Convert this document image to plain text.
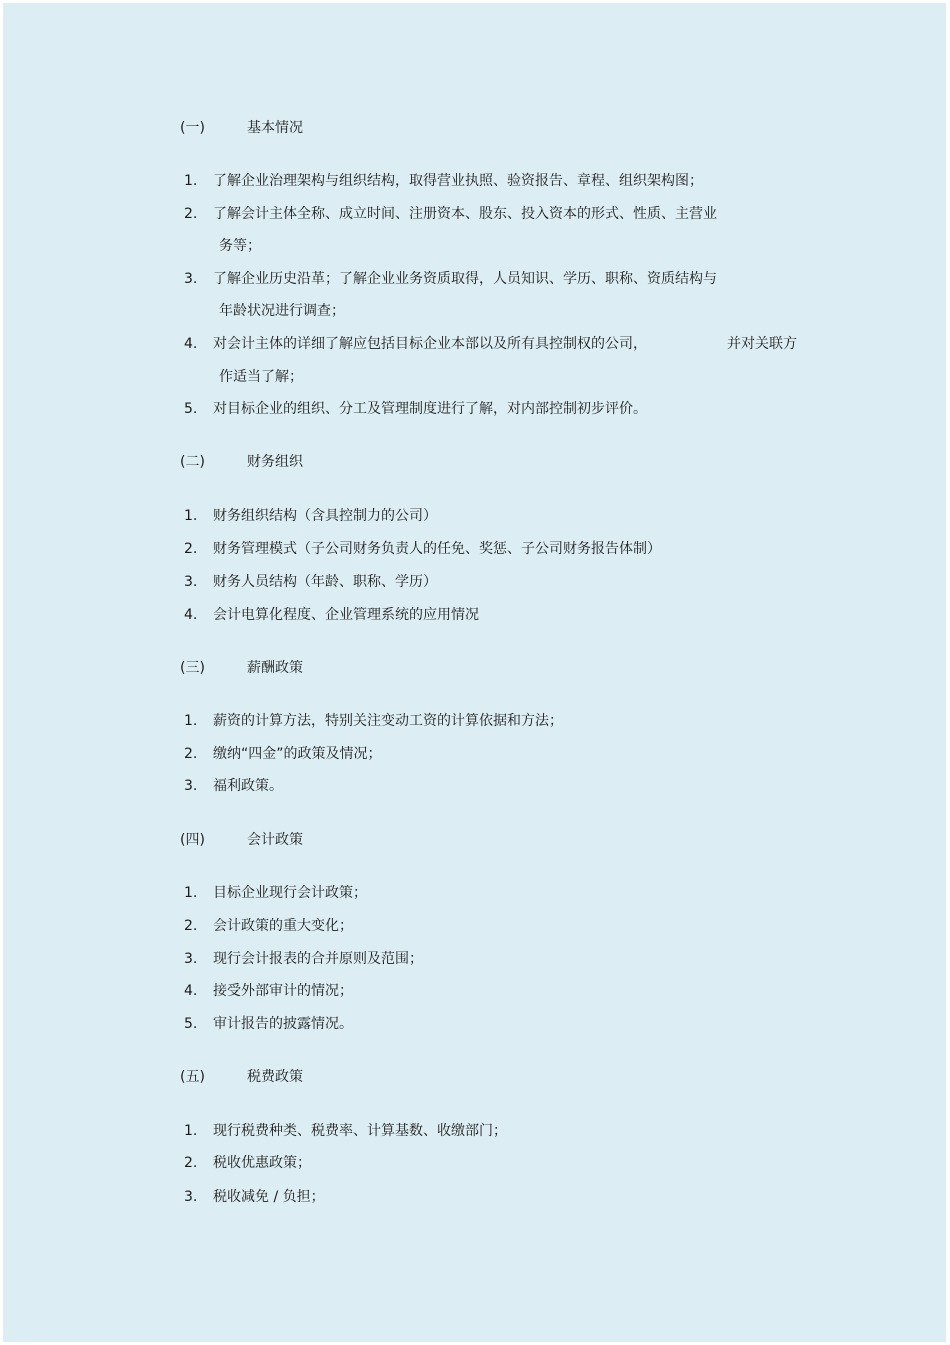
(一)	基本情况
1. 了解企业治理架构与组织结构，取得营业执照、验资报告、章程、组织架构图；
2. 了解会计主体全称、成立时间、注册资本、股东、投入资本的形式、性质、主营业
务等；
3. 了解企业历史沿革；了解企业业务资质取得，人员知识、学历、职称、资质结构与
年龄状况进行调查；
4. 对会计主体的详细了解应包括目标企业本部以及所有具控制权的公司，	并对关联方
作适当了解；
5. 对目标企业的组织、分工及管理制度进行了解，对内部控制初步评价。
(二)	财务组织
1. 财务组织结构（含具控制力的公司）
2. 财务管理模式（子公司财务负责人的任免、奖惩、子公司财务报告体制）
3. 财务人员结构（年龄、职称、学历）
4. 会计电算化程度、企业管理系统的应用情况
(三)	薪酬政策
1. 薪资的计算方法，特别关注变动工资的计算依据和方法；
2. 缴纳“四金”的政策及情况；
3. 福利政策。
(四)	会计政策
1. 目标企业现行会计政策；
2. 会计政策的重大变化；
3. 现行会计报表的合并原则及范围；
4. 接受外部审计的情况；
5. 审计报告的披露情况。
(五)	税费政策
1. 现行税费种类、税费率、计算基数、收缴部门；
2. 税收优惠政策；
3. 税收减免 / 负担；
